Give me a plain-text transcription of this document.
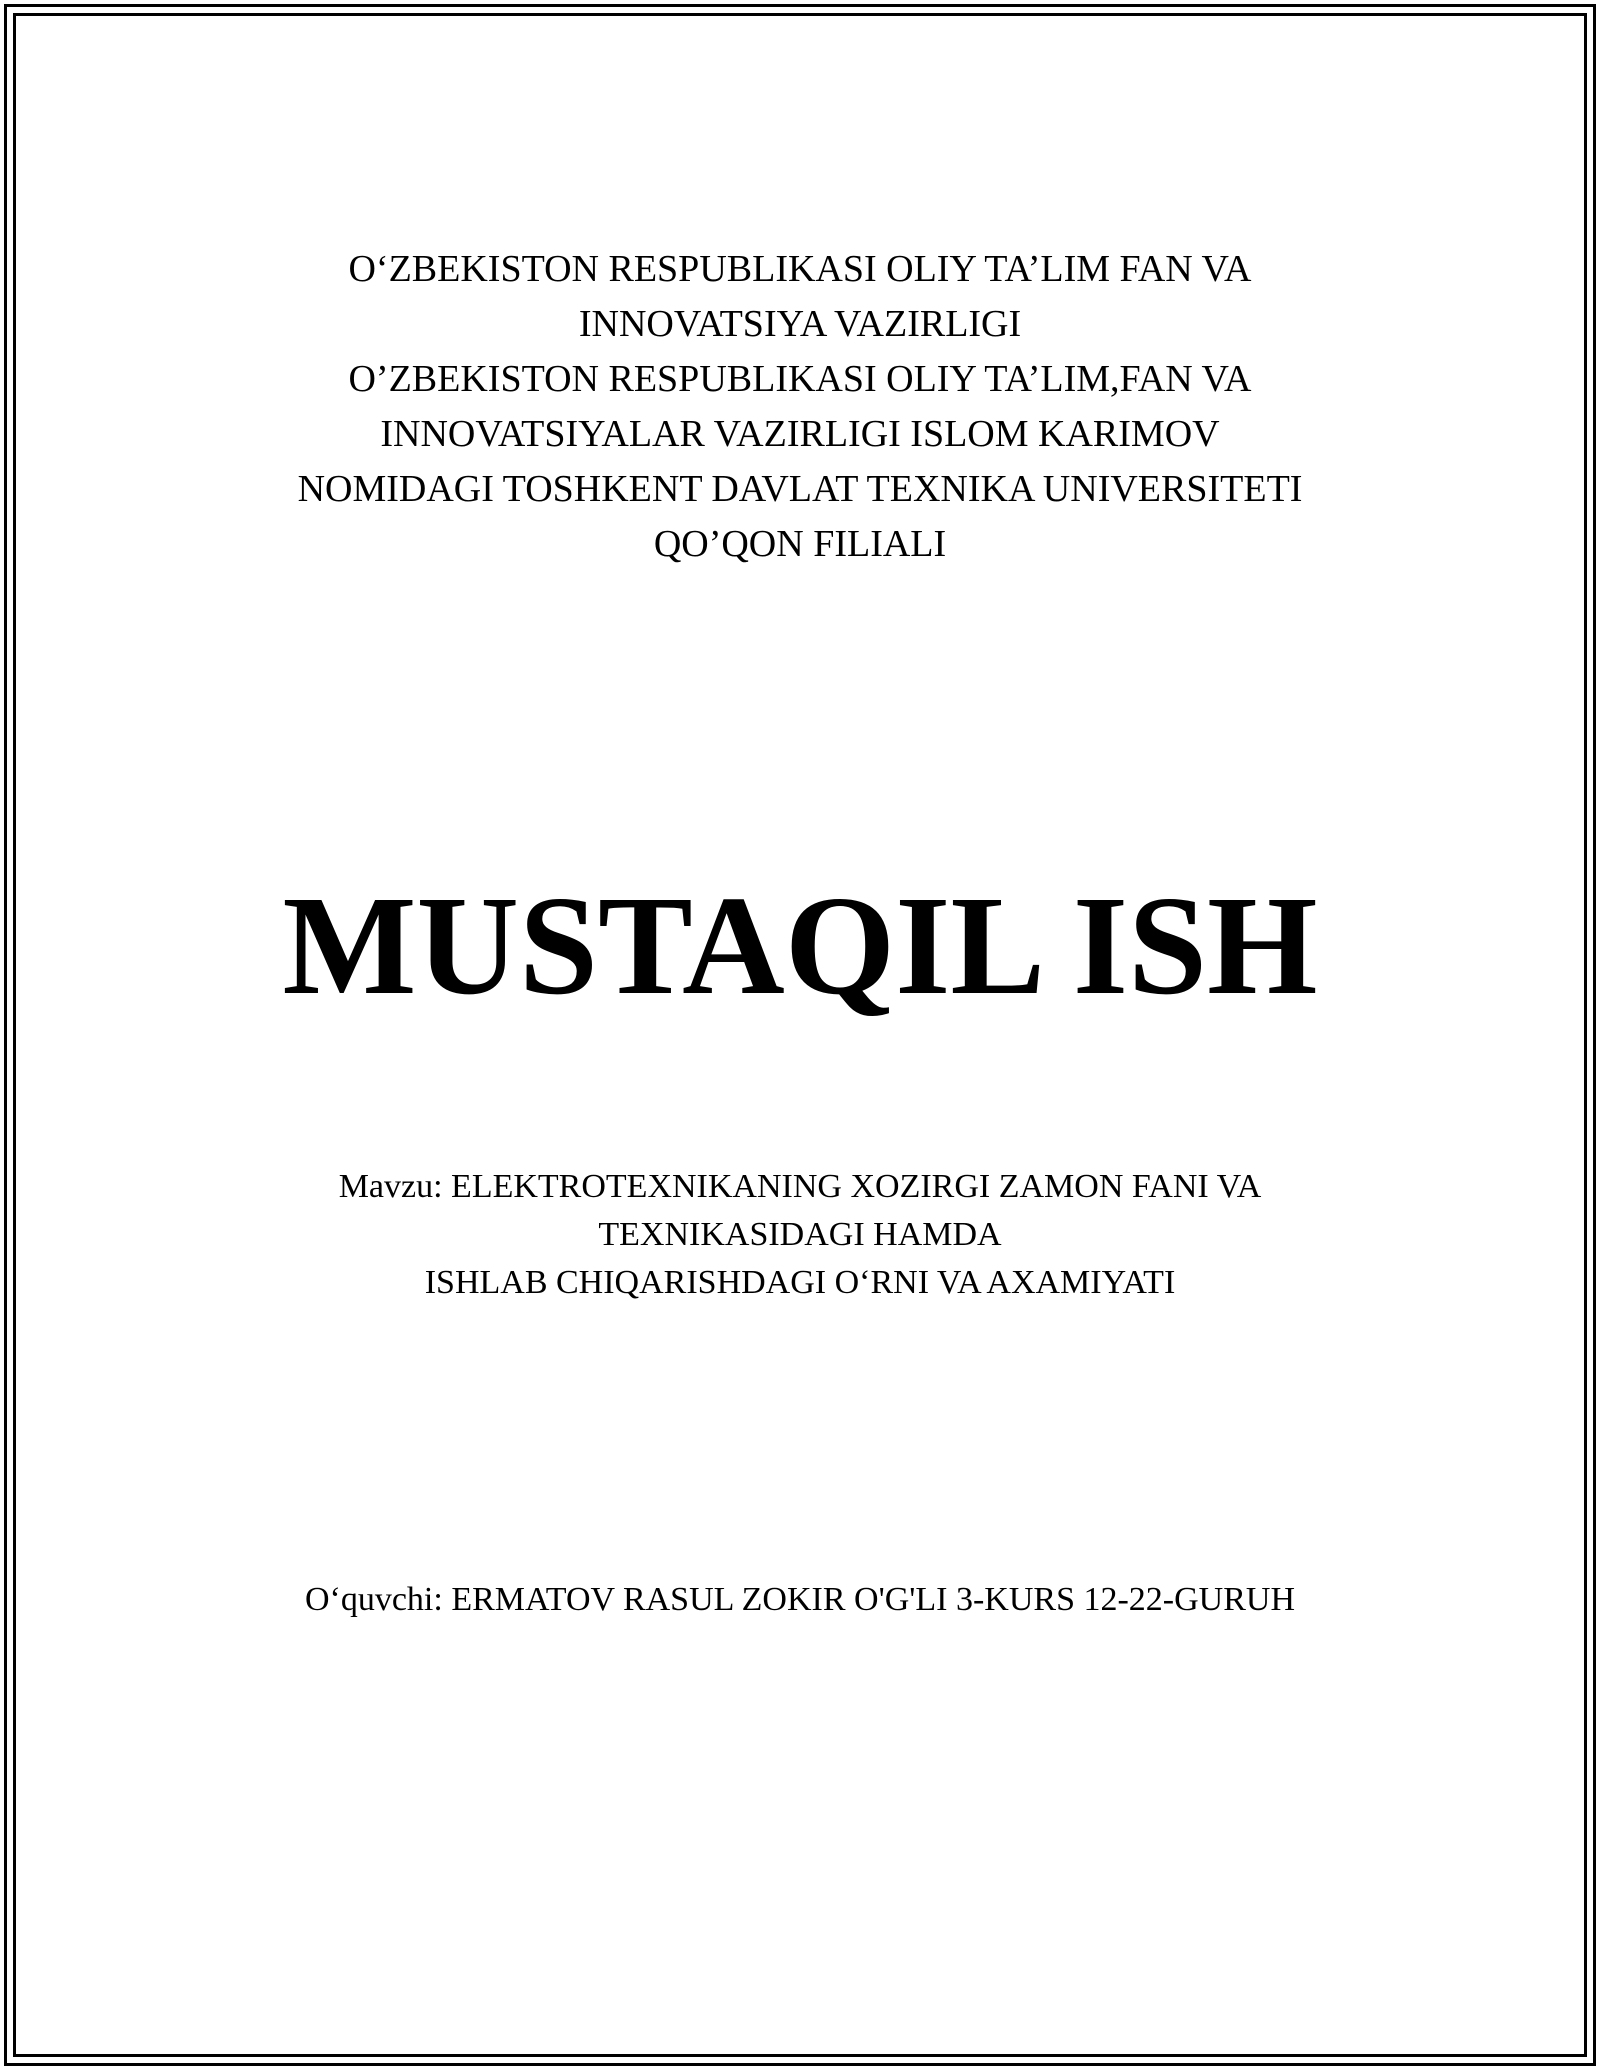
O‘ZBEKISTON RESPUBLIKASI OLIY TA’LIM FAN VA
INNOVATSIYA VAZIRLIGI
O’ZBEKISTON RESPUBLIKASI OLIY TA’LIM,FAN VA
INNOVATSIYALAR VAZIRLIGI ISLOM KARIMOV
NOMIDAGI TOSHKENT DAVLAT TEXNIKA UNIVERSITETI
QO’QON FILIALI
MUSTAQIL ISH
Mavzu: ELEKTROTEXNIKANING XOZIRGI ZAMON FANI VA
TEXNIKASIDAGI HAMDA
ISHLAB CHIQARISHDAGI O‘RNI VA AXAMIYATI
O‘quvchi: ERMATOV RASUL ZOKIR O'G'LI 3-KURS 12-22-GURUH
